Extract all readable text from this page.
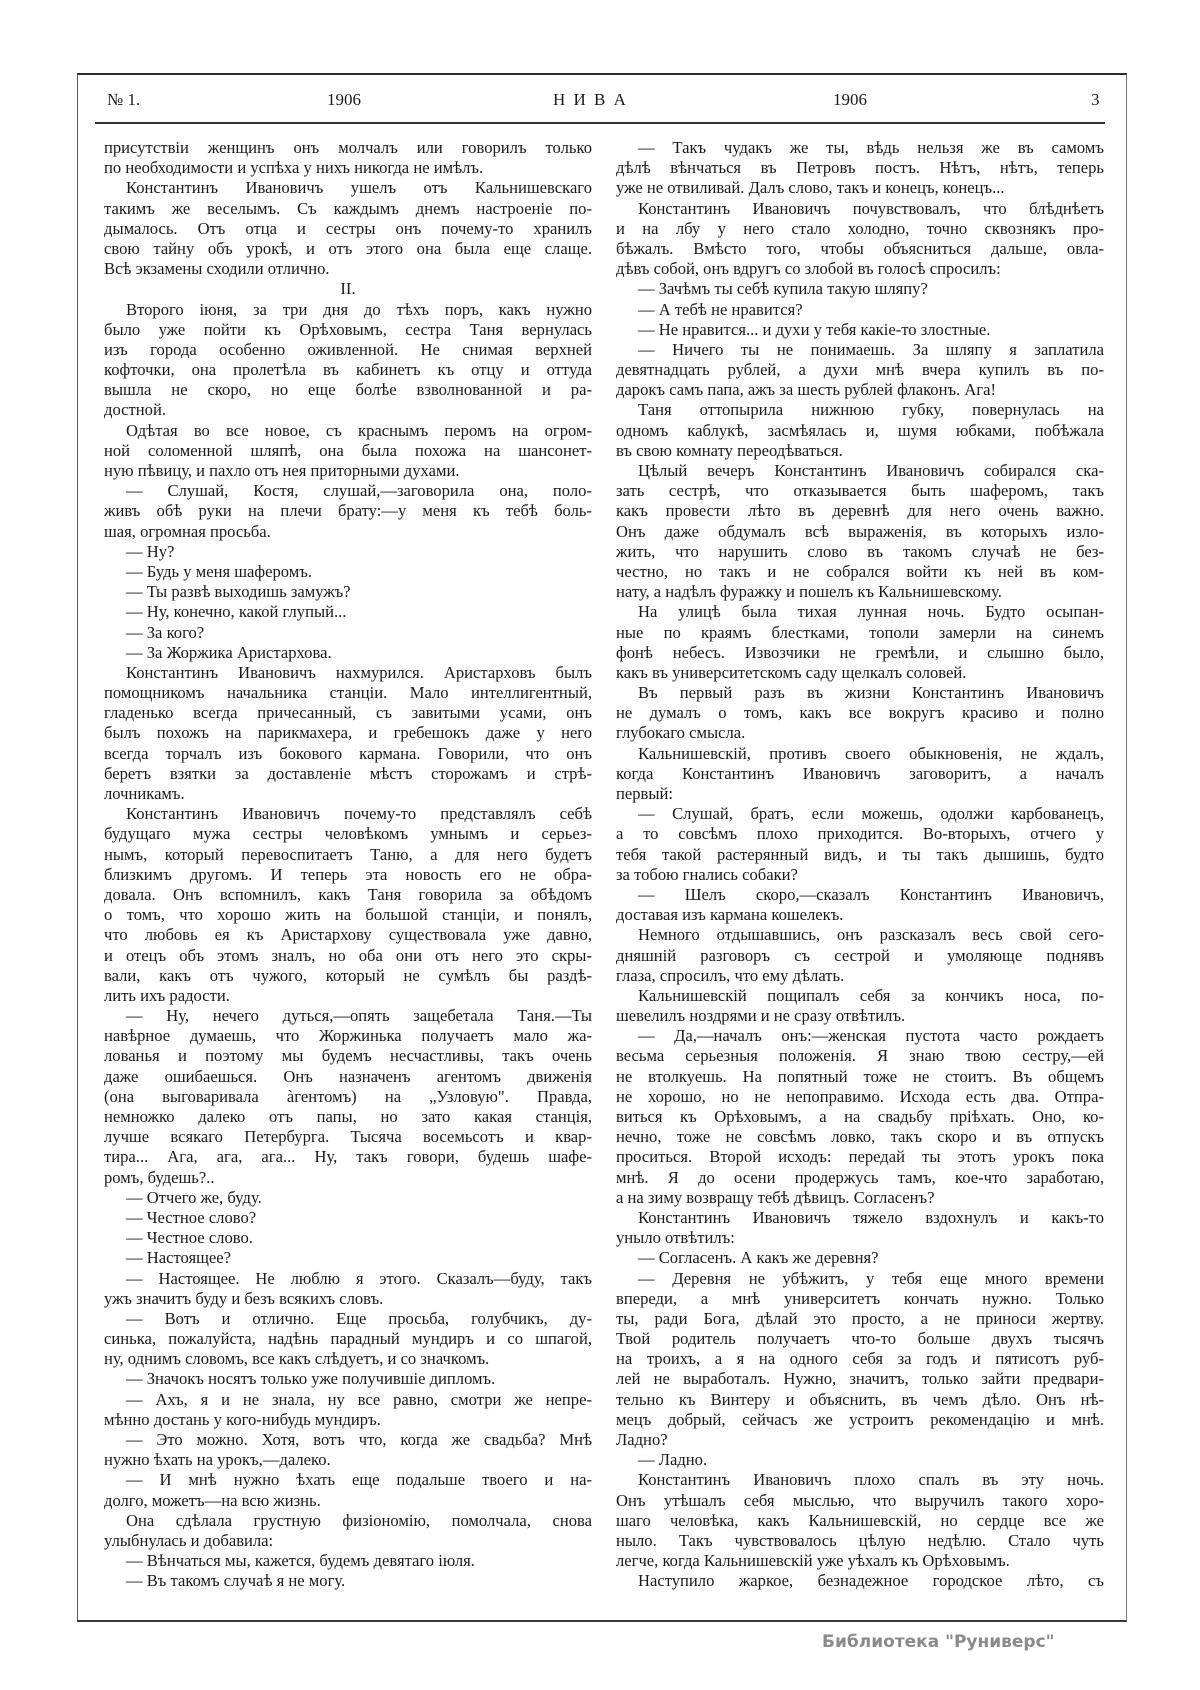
№ 1.	1906	Н И В А	1906	3
присутствіи женщинъ онъ молчалъ или говорилъ только
по необходимости и успѣха у нихъ никогда не имѣлъ.
Константинъ Ивановичъ ушелъ отъ Кальнишевскаго
такимъ же веселымъ. Съ каждымъ днемъ настроеніе по-
дымалось. Отъ отца и сестры онъ почему-то хранилъ
свою тайну объ урокѣ, и отъ этого она была еще слаще.
Всѣ экзамены сходили отлично.
II.
Второго іюня, за три дня до тѣхъ поръ, какъ нужно
было уже пойти къ Орѣховымъ, сестра Таня вернулась
изъ города особенно оживленной. Не снимая верхней
кофточки, она пролетѣла въ кабинетъ къ отцу и оттуда
вышла не скоро, но еще болѣе взволнованной и ра-
достной.
Одѣтая во все новое, съ краснымъ перомъ на огром-
ной соломенной шляпѣ, она была похожа на шансонет-
ную пѣвицу, и пахло отъ нея приторными духами.
— Слушай, Костя, слушай,—заговорила она, поло-
живъ обѣ руки на плечи брату:—у меня къ тебѣ боль-
шая, огромная просьба.
— Ну?
— Будь у меня шаферомъ.
— Ты развѣ выходишь замужъ?
— Ну, конечно, какой глупый...
— За кого?
— За Жоржика Аристархова.
Константинъ Ивановичъ нахмурился. Аристарховъ былъ
помощникомъ начальника станціи. Мало интеллигентный,
гладенько всегда причесанный, съ завитыми усами, онъ
былъ похожъ на парикмахера, и гребешокъ даже у него
всегда торчалъ изъ бокового кармана. Говорили, что онъ
беретъ взятки за доставленіе мѣстъ сторожамъ и стрѣ-
лочникамъ.
Константинъ Ивановичъ почему-то представлялъ себѣ
будущаго мужа сестры человѣкомъ умнымъ и серьез-
нымъ, который перевоспитаетъ Таню, а для него будетъ
близкимъ другомъ. И теперь эта новость его не обра-
довала. Онъ вспомнилъ, какъ Таня говорила за обѣдомъ
о томъ, что хорошо жить на большой станціи, и понялъ,
что любовь ея къ Аристархову существовала уже давно,
и отецъ объ этомъ зналъ, но оба они отъ него это скры-
вали, какъ отъ чужого, который не сумѣлъ бы раздѣ-
лить ихъ радости.
— Ну, нечего дуться,—опять защебетала Таня.—Ты
навѣрное думаешь, что Жоржинька получаетъ мало жа-
лованья и поэтому мы будемъ несчастливы, такъ очень
даже ошибаешься. Онъ назначенъ агентомъ движенія
(она выговаривала àгентомъ) на „Узловую". Правда,
немножко далеко отъ папы, но зато какая станція,
лучше всякаго Петербурга. Тысяча восемьсотъ и квар-
тира... Ага, ага, ага... Ну, такъ говори, будешь шафе-
ромъ, будешь?..
— Отчего же, буду.
— Честное слово?
— Честное слово.
— Настоящее?
— Настоящее. Не люблю я этого. Сказалъ—буду, такъ
ужъ значитъ буду и безъ всякихъ словъ.
— Вотъ и отлично. Еще просьба, голубчикъ, ду-
синька, пожалуйста, надѣнь парадный мундиръ и со шпагой,
ну, однимъ словомъ, все какъ слѣдуетъ, и со значкомъ.
— Значокъ носятъ только уже получившіе дипломъ.
— Ахъ, я и не знала, ну все равно, смотри же непре-
мѣнно достань у кого-нибудь мундиръ.
— Это можно. Хотя, вотъ что, когда же свадьба? Мнѣ
нужно ѣхать на урокъ,—далеко.
— И мнѣ нужно ѣхать еще подальше твоего и на-
долго, можетъ—на всю жизнь.
Она сдѣлала грустную физіономію, помолчала, снова
улыбнулась и добавила:
— Вѣнчаться мы, кажется, будемъ девятаго іюля.
— Въ такомъ случаѣ я не могу.
— Такъ чудакъ же ты, вѣдь нельзя же въ самомъ
дѣлѣ вѣнчаться въ Петровъ постъ. Нѣтъ, нѣтъ, теперь
уже не отвиливай. Далъ слово, такъ и конецъ, конецъ...
Константинъ Ивановичъ почувствовалъ, что блѣднѣетъ
и на лбу у него стало холодно, точно сквознякъ про-
бѣжалъ. Вмѣсто того, чтобы объясниться дальше, овла-
дѣвъ собой, онъ вдругъ со злобой въ голосѣ спросилъ:
— Зачѣмъ ты себѣ купила такую шляпу?
— А тебѣ не нравится?
— Не нравится... и духи у тебя какіе-то злостные.
— Ничего ты не понимаешь. За шляпу я заплатила
девятнадцать рублей, а духи мнѣ вчера купилъ въ по-
дарокъ самъ папа, ажъ за шесть рублей флаконъ. Ага!
Таня оттопырила нижнюю губку, повернулась на
одномъ каблукѣ, засмѣялась и, шумя юбками, побѣжала
въ свою комнату переодѣваться.
Цѣлый вечеръ Константинъ Ивановичъ собирался ска-
зать сестрѣ, что отказывается быть шаферомъ, такъ
какъ провести лѣто въ деревнѣ для него очень важно.
Онъ даже обдумалъ всѣ выраженія, въ которыхъ изло-
жить, что нарушить слово въ такомъ случаѣ не без-
честно, но такъ и не собрался войти къ ней въ ком-
нату, а надѣлъ фуражку и пошелъ къ Кальнишевскому.
На улицѣ была тихая лунная ночь. Будто осыпан-
ные по краямъ блестками, тополи замерли на синемъ
фонѣ небесъ. Извозчики не гремѣли, и слышно было,
какъ въ университетскомъ саду щелкалъ соловей.
Въ первый разъ въ жизни Константинъ Ивановичъ
не думалъ о томъ, какъ все вокругъ красиво и полно
глубокаго смысла.
Кальнишевскій, противъ своего обыкновенія, не ждалъ,
когда Константинъ Ивановичъ заговоритъ, а началъ
первый:
— Слушай, братъ, если можешь, одолжи карбованецъ,
а то совсѣмъ плохо приходится. Во-вторыхъ, отчего у
тебя такой растерянный видъ, и ты такъ дышишь, будто
за тобою гнались собаки?
— Шелъ скоро,—сказалъ Константинъ Ивановичъ,
доставая изъ кармана кошелекъ.
Немного отдышавшись, онъ разсказалъ весь свой сего-
дняшній разговоръ съ сестрой и умоляюще поднявъ
глаза, спросилъ, что ему дѣлать.
Кальнишевскій пощипалъ себя за кончикъ носа, по-
шевелилъ ноздрями и не сразу отвѣтилъ.
— Да,—началъ онъ:—женская пустота часто рождаетъ
весьма серьезныя положенія. Я знаю твою сестру,—ей
не втолкуешь. На попятный тоже не стоитъ. Въ общемъ
не хорошо, но не непоправимо. Исхода есть два. Отпра-
виться къ Орѣховымъ, а на свадьбу пріѣхать. Оно, ко-
нечно, тоже не совсѣмъ ловко, такъ скоро и въ отпускъ
проситься. Второй исходъ: передай ты этотъ урокъ пока
мнѣ. Я до осени продержусь тамъ, кое-что заработаю,
а на зиму возвращу тебѣ дѣвицъ. Согласенъ?
Константинъ Ивановичъ тяжело вздохнулъ и какъ-то
уныло отвѣтилъ:
— Согласенъ. А какъ же деревня?
— Деревня не убѣжитъ, у тебя еще много времени
впереди, а мнѣ университетъ кончать нужно. Только
ты, ради Бога, дѣлай это просто, а не приноси жертву.
Твой родитель получаетъ что-то больше двухъ тысячъ
на троихъ, а я на одного себя за годъ и пятисотъ руб-
лей не выработалъ. Нужно, значитъ, только зайти предвари-
тельно къ Винтеру и объяснить, въ чемъ дѣло. Онъ нѣ-
мецъ добрый, сейчасъ же устроитъ рекомендацію и мнѣ.
Ладно?
— Ладно.
Константинъ Ивановичъ плохо спалъ въ эту ночь.
Онъ утѣшалъ себя мыслью, что выручилъ такого хоро-
шаго человѣка, какъ Кальнишевскій, но сердце все же
ныло. Такъ чувствовалось цѣлую недѣлю. Стало чуть
легче, когда Кальнишевскій уже уѣхалъ къ Орѣховымъ.
Наступило жаркое, безнадежное городское лѣто, съ
Библиотека "Руниверс"
